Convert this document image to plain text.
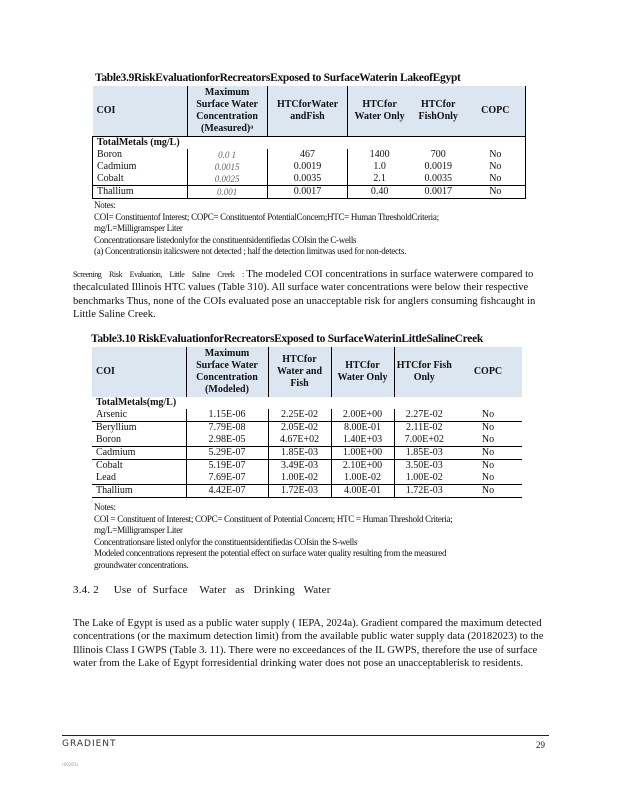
Table3.9RiskEvaluationforRecreatorsExposed to SurfaceWaterin LakeofEgypt
COI	Maximum Surface Water Concentration (Measured)ᵃ	HTCforWater andFish	HTCfor Water Only	HTCfor FishOnly	COPC
TotalMetals (mg/L)					
Boron	0.0 1	467	1400	700	No
Cadmium	0.0015	0.0019	1.0	0.0019	No
Cobalt	0.0025	0.0035	2.1	0.0035	No
Thallium	0.001	0.0017	0.40	0.0017	No
Notes:
COI= Constituentof Interest; COPC= Constituentof PotentialConcern;HTC= Human ThresholdCriteria;
mg/L=Milligramsper Liter
Concentrationsare listedonlyfor the constituentsidentifiedas COIsin the C-wells
(a) Concentrationsin italicswere not detected ; half the detection limitwas used for non-detects.
Screening Risk Evaluation, Little Saline Creek : The modeled COI concentrations in surface waterwere compared to thecalculated Illinois HTC values (Table 310). All surface water concentrations were below their respective benchmarks Thus, none of the COIs evaluated pose an unacceptable risk for anglers consuming fishcaught in Little Saline Creek.
Table3.10 RiskEvaluationforRecreatorsExposed to SurfaceWaterinLittleSalineCreek
COI	Maximum Surface Water Concentration (Modeled)	HTCfor Water and Fish	HTCfor Water Only	HTCfor Fish Only	COPC
TotalMetals(mg/L)					
Arsenic	1.15E-06	2.25E-02	2.00E+00	2.27E-02	No
Beryllium	7.79E-08	2.05E-02	8.00E-01	2.11E-02	No
Boron	2.98E-05	4.67E+02	1.40E+03	7.00E+02	No
Cadmium	5.29E-07	1.85E-03	1.00E+00	1.85E-03	No
Cobalt	5.19E-07	3.49E-03	2.10E+00	3.50E-03	No
Lead	7.69E-07	1.00E-02	1.00E-02	1.00E-02	No
Thallium	4.42E-07	1.72E-03	4.00E-01	1.72E-03	No
Notes:
COI = Constituent of Interest; COPC= Constituent of Potential Concern; HTC = Human Threshold Criteria;
mg/L=Milligramsper Liter
Concentrationsare listed onlyfor the constituentsidentifiedas COIsin the S-wells
Modeled concentrations represent the potential effect on surface water quality resulting from the measured
groundwater concentrations.
3.4. 2     Use  of  Surface    Water   as   Drinking   Water
The Lake of Egypt is used as a public water supply ( IEPA, 2024a). Gradient compared the maximum detected concentrations (or the maximum detection limit) from the available public water supply data (20182023) to the Illinois Class I GWPS (Table 3. 11). There were no exceedances of the IL GWPS, therefore the use of surface water from the Lake of Egypt forresidential drinking water does not pose an unacceptablerisk to residents.
GRADIENT	29
r00265s
